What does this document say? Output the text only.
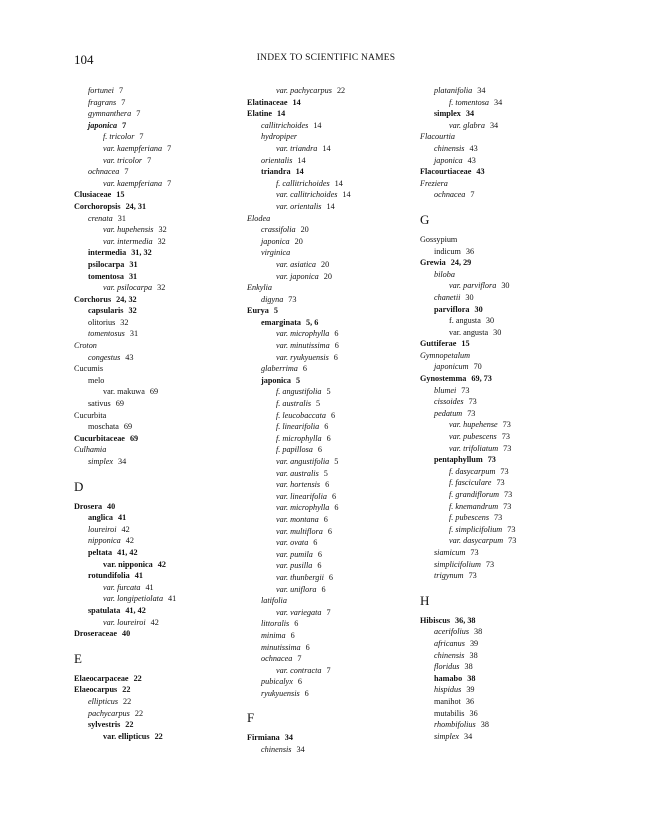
104	INDEX TO SCIENTIFIC NAMES
fortunei 7
fragrans 7
gymnanthera 7
japonica 7
f. tricolor 7
var. kaempferiana 7
var. tricolor 7
ochnacea 7
var. kaempferiana 7
Clusiaceae 15
Corchoropsis 24, 31
crenata 31
var. hupehensis 32
var. intermedia 32
intermedia 31, 32
psilocarpa 31
tomentosa 31
var. psilocarpa 32
Corchorus 24, 32
capsularis 32
olitorius 32
tomentosus 31
Croton
congestus 43
Cucumis
melo
var. makuwa 69
sativus 69
Cucurbita
moschata 69
Cucurbitaceae 69
Culhamia
simplex 34
D
Drosera 40
anglica 41
loureiroi 42
nipponica 42
peltata 41, 42
var. nipponica 42
rotundifolia 41
var. furcata 41
var. longipetiolata 41
spatulata 41, 42
var. loureiroi 42
Droseraceae 40
E
Elaeocarpaceae 22
Elaeocarpus 22
ellipticus 22
pachycarpus 22
sylvestris 22
var. ellipticus 22
var. pachycarpus 22
Elatinaceae 14
Elatine 14
callitrichoides 14
hydropiper
var. triandra 14
orientalis 14
triandra 14
f. callitrichoides 14
var. callitrichoides 14
var. orientalis 14
Elodea
crassifolia 20
japonica 20
virginica
var. asiatica 20
var. japonica 20
Enkylia
digyna 73
Eurya 5
emarginata 5, 6
var. microphylla 6
var. minutissima 6
var. ryukyuensis 6
glaberrima 6
japonica 5
f. angustifolia 5
f. australis 5
f. leucobaccata 6
f. linearifolia 6
f. microphylla 6
f. papillosa 6
var. angustifolia 5
var. australis 5
var. hortensis 6
var. linearifolia 6
var. microphylla 6
var. montana 6
var. multiflora 6
var. ovata 6
var. pumila 6
var. pusilla 6
var. thunbergii 6
var. uniflora 6
latifolia
var. variegata 7
littoralis 6
minima 6
minutissima 6
ochnacea 7
var. contracta 7
pubicalyx 6
ryukyuensis 6
F
Firmiana 34
chinensis 34
platanifolia 34
f. tomentosa 34
simplex 34
var. glabra 34
Flacourtia
chinensis 43
japonica 43
Flacourtiaceae 43
Freziera
ochnacea 7
G
Gossypium
indicum 36
Grewia 24, 29
biloba
var. parviflora 30
chanetii 30
parviflora 30
f. angusta 30
var. angusta 30
Guttiferae 15
Gymnopetalum
japonicum 70
Gynostemma 69, 73
blumei 73
cissoides 73
pedatum 73
var. hupehense 73
var. pubescens 73
var. trifoliatum 73
pentaphyllum 73
f. dasycarpum 73
f. fasciculare 73
f. grandiflorum 73
f. knemandrum 73
f. pubescens 73
f. simplicifolium 73
var. dasycarpum 73
siamicum 73
simplicifolium 73
trigynum 73
H
Hibiscus 36, 38
acerifolius 38
africanus 39
chinensis 38
floridus 38
hamabo 38
hispidus 39
manihot 36
mutabilis 36
rhombifolius 38
simplex 34
